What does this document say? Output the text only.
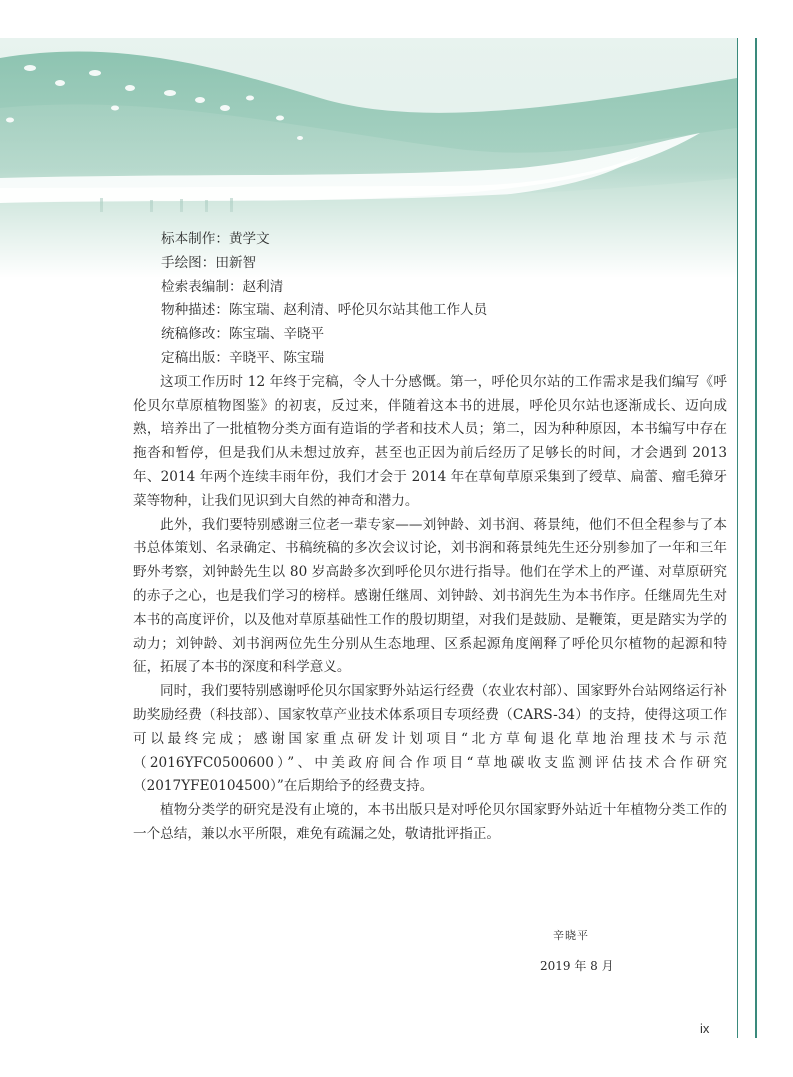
标本制作：黄学文
手绘图：田新智
检索表编制：赵利清
物种描述：陈宝瑞、赵利清、呼伦贝尔站其他工作人员
统稿修改：陈宝瑞、辛晓平
定稿出版：辛晓平、陈宝瑞

这项工作历时 12 年终于完稿，令人十分感慨。第一，呼伦贝尔站的工作需求是我们编写《呼伦贝尔草原植物图鉴》的初衷，反过来，伴随着这本书的进展，呼伦贝尔站也逐渐成长、迈向成熟，培养出了一批植物分类方面有造诣的学者和技术人员；第二，因为种种原因，本书编写中存在拖沓和暂停，但是我们从未想过放弃，甚至也正因为前后经历了足够长的时间，才会遇到 2013 年、2014 年两个连续丰雨年份，我们才会于 2014 年在草甸草原采集到了绶草、扁蕾、瘤毛獐牙菜等物种，让我们见识到大自然的神奇和潜力。

此外，我们要特别感谢三位老一辈专家——刘钟龄、刘书润、蒋景纯，他们不但全程参与了本书总体策划、名录确定、书稿统稿的多次会议讨论，刘书润和蒋景纯先生还分别参加了一年和三年野外考察，刘钟龄先生以 80 岁高龄多次到呼伦贝尔进行指导。他们在学术上的严谨、对草原研究的赤子之心，也是我们学习的榜样。感谢任继周、刘钟龄、刘书润先生为本书作序。任继周先生对本书的高度评价，以及他对草原基础性工作的殷切期望，对我们是鼓励、是鞭策，更是踏实为学的动力；刘钟龄、刘书润两位先生分别从生态地理、区系起源角度阐释了呼伦贝尔植物的起源和特征，拓展了本书的深度和科学意义。

同时，我们要特别感谢呼伦贝尔国家野外站运行经费（农业农村部）、国家野外台站网络运行补助奖励经费（科技部）、国家牧草产业技术体系项目专项经费（CARS-34）的支持，使得这项工作可以最终完成；感谢国家重点研发计划项目“北方草甸退化草地治理技术与示范（2016YFC0500600）”、中美政府间合作项目“草地碳收支监测评估技术合作研究（2017YFE0104500）”在后期给予的经费支持。

植物分类学的研究是没有止境的，本书出版只是对呼伦贝尔国家野外站近十年植物分类工作的一个总结，兼以水平所限，难免有疏漏之处，敬请批评指正。

辛晓平
2019 年 8 月
ix
